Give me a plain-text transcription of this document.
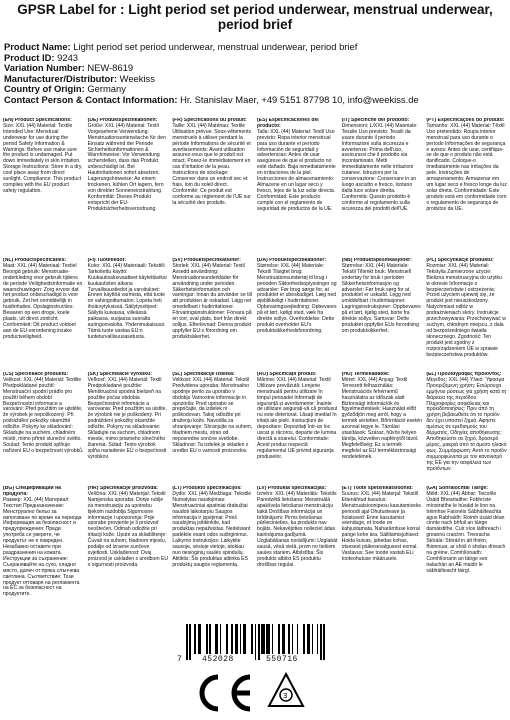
GPSR Label for : Light period set period underwear, menstrual underwear, period brief
Product Name: Light period set period underwear, menstrual underwear, period brief
Product ID: 9243
Variation Number: NEW-8619
Manufacturer/Distributor: Weekiss
Country of Origin: Germany
Contact Person & Contact Information: Hr. Stanislav Maer, +49 5151 87798 10, info@weekiss.de
(EN) Product Specifications:
Size: XXL (44) Material: Textile Intended Use: Menstrual underwear for use during the period Safety Information & Warnings: Before use make sure the product is undamaged. Put down immediately in skin irritation. Storage Instructions: Store in a dry, cool place away from direct sunlight. Compliance: This product complies with the EU product safety regulation.
(DE) Produktspezifikationen:
Größe: XXL (44) Material: Textil Vorgesehene Verwendung: Menstruationsunterwäsche für den Einsatz während der Periode Sicherheitsinformationen & Warnhinweise: Vor Verwendung sicherstellen, dass das Produkt unbeschädigt ist. Bei Hautirritationen sofort absetzen. Lagerungshinweise: An einem trockenen, kühlen Ort lagern, fern von direkter Sonneneinstrahlung. Konformität: Dieses Produkt entspricht der EU-Produktsicherheitsverordnung.
(FR) Spécifications du produit:
Taille: XXL (44) Matériau: Textile Utilisation prévue: Sous-vêtements menstruels à utiliser pendant la période Informations de sécurité et avertissements: Avant utilisation assurez-vous que le produit est intact. Posez-le immédiatement en cas d'irritation de la peau. Instructions de stockage: Conserver dans un endroit sec et frais, loin du soleil direct. Conformité: Ce produit est conforme au règlement de l'UE sur la sécurité des produits.
(ES) Especificaciones del producto:
Talla: XXL (44) Material: Textil Uso previsto: Ropa interior menstrual para uso durante el período Información de seguridad y advertencias: Antes de usar asegúrese de que el producto no esté dañado. Baja inmediatamente en irritaciones de la piel. Instrucciones de almacenamiento: Almacene en un lugar seco y fresco, lejos de la luz solar directa. Conformidad: Este producto cumple con el reglamento de seguridad de productos de la UE.
(IT) Specifiche del prodotto:
Dimensioni: L/XXL (44) Materiale: Tessile Uso previsto: Tessili da usare durante il periodo Informazioni sulla sicurezza e avvertenze: Prima dell'uso, assicurarsi che il prodotto sia incontaminato. Metti immediatamente nelle irritazioni cutanee. Istruzioni per la conservazione: Conservare in un luogo asciutto e fresco, lontano dalla luce solare diretta. Conformità: Questo prodotto è conforme al regolamento sulla sicurezza dei prodotti dell'UE.
(PT) Especificações do produto:
Tamanho: XXL (44) Material: Têxtil Uso pretendido: Roupa interior menstrual para uso durante o período Informações de segurança e avisos: Antes de usar, certifique-se de que o produto não está danificado. Coloque-o imediatamente nas irritações da pele. Instruções de armazenamento: Armazenar em um lugar seco e fresco longe da luz solar direta. Conformidade: Este produto está em conformidade com o regulamento de segurança de produtos da UE.
(NL) Productspecificaties:
Maat: XXL (44) Materiaal: Textiel Beoogd gebruik: Menstruatie-onderkleding voor gebruik tijdens de periode Veiligheidsinformatie en waarschuwingen: Zorg ervoor dat het product onbeschadigd is voor gebruik. Zet het onmiddellijk in huidirritaties. Opslaginstructies: Bewaren op een droge, koele plaats, uit direct zonlicht. Conformiteit: Dit product voldoet aan de EU-verordening inzake productveiligheid.
(FI) Tuotetiedot:
Koko: XXL (44) Materiaali: Tekstiili Tarkoitettu käyttö: Kuukautisalusvaatteet käytettäviksi kuukautisten aikana Turvallisuustiedot ja varoitukset: Ennen käyttöä varmista, että tuote on vahingoittumaton. Lopeta heti ihoärsytyksissä. Säilytysohjeet: Säilytä kuivassa, viileässä paikassa, suojassa suoralta auringonvalolta. Yhdenmukaisuus: Tämä tuote vastaa EU:n tuoteturvallisuusasetusta.
(SV) Produktspecifikationer:
Storlek: XXL (44) Material: Textil Avsedd användning: Menstruationsunderkläder för användning under perioden Säkerhetsinformation och varningar: Innan du använder se till att produkten är oskadad. Lägg ner omedelbart i hudirritationer. Förvaringsinstruktioner: Förvara på en torr, sval plats, bort från direkt solljus. Efterlevnad: Denna produkt uppfyller EU:s förordning om produktsäkerhet.
(DA) Produktspecifikationer:
Størrelse: XXL (44) Materiale: Tekstil Tilsigtet brug: Menstruationsundertøj til brug i perioden Sikkerhedsoplysninger og advarsler: Før brug sørge for, at produktet er ubeskadiget. Læg ned øjeblikkeligt i hudirritationer. Opbevaringsvejledning: Opbevares på et tørt, køligt sted, væk fra direkte sollys. Overholdelse: Dette produkt overholder EU's produktsikkerhedsforordning.
(NB) Produktspesifikasjoner:
Størrelse: XXL (44) Materiale: Tekstil Tiltenkt bruk: Menstruell undertøy for bruk i perioden Sikkerhetsinformasjon og advarsler: Før bruk sørg for at produktet er uskadd. Legg ned umiddelbart i hudirritasjoner. Lagringsinstruksjoner: Oppbevares på et tørt, kjølig sted, borte fra direkte sollys. Samsvar: Dette produktet oppfyller EUs forordning om produktsikkerhet.
(PL) Specyfikacje produktu:
Rozmiar: XXL (44) Materiał: Tekstylia Zamierzone użycie: Bielizna menstruacyjna do użytku w okresie Informacje o bezpieczeństwie i ostrzeżenia: Przed użyciem upewnij się, że produkt jest nieuszkodzony. Natychmiast odłóż w podrażnieniach skóry. Instrukcje przechowywania: Przechowywać w suchym, chłodnym miejscu, z dala od bezpośredniego światła słonecznego. Zgodność: Ten produkt jest zgodny z rozporządzeniem UE w sprawie bezpieczeństwa produktów.
(CS) Specifikace produktu:
Velikost: XXL (44) Materiál: Textilie Předpokládané použití: Menstruační spodní prádlo pro použití během období Bezpečnostní informace a varování: Před použitím se ujistěte, že výrobek je nepoškozený. Při podráždění pokožky okamžitě odložte. Pokyny ke skladování: Skladujte na suchém, chladném místě, mimo přímé sluneční světlo. Soulad: Tento produkt splňuje nařízení EU o bezpečnosti výrobků.
(SK) Špecifikácie výrobku:
Veľkosť: XXL (44) Materiál: Textil Predpokladané použitie: Menštruačná spodná bielizeň na použitie počas obdobia Bezpečnostné informácie a varovania: Pred použitím sa uistite, že výrobok nie je poškodený. Pri podráždení pokožky okamžite odložte. Pokyny na skladovanie: Skladujte na suchom, chladnom mieste, mimo priameho slnečného žiarenia. Súlad: Tento výrobok spĺňa nariadenie EÚ o bezpečnosti výrobkov.
(SL) Specifikacije izdelka:
Velikost: XXL (44) Material: Tekstil Predvidena uporaba: Menstrualno spodnje perilo za uporabo v obdobju Varnostne informacije in opozorila: Pred uporabo se prepričajte, da izdelek ni poškodovan. Takoj odložite pri draženju kože. Navodila za shranjevanje: Shranjujte na suhem, hladnem mestu, stran od neposredne sončne svetlobe. Skladnost: Ta izdelek je skladen z uredbo EU o varnosti proizvodov.
(RO) Specificații produs:
Mărime: XXL (44) Material: Textil Utilizare prevăzută: Lenjerie menstruală pentru utilizare în timpul perioadei Informații de siguranță și avertismente: Înainte de utilizare asigurați-vă că produsul nu este deteriorat. Lăsați imediat în iritații ale pielii. Instrucțiuni de depozitare: Depozitați într-un loc uscat și răcoros, departe de lumina directă a soarelui. Conformitate: Acest produs respectă regulamentul UE privind siguranța produselor.
(HU) Termékadatok:
Méret: XXL (44) Anyag: Textil Tervezett felhasználás: Menstruációs fehérnemű használatra az időszak alatt Biztonsági információk és figyelmeztetések: Használat előtt győződjön meg arról, hogy a termék sértetlen. Bőrirritáció esetén azonnal tegye le. Tárolási utasítások: Száraz, hűvös helyen tárolja, közvetlen napfénytől távol. Megfelelőség: Ez a termék megfelel az EU termékbiztonsági rendeletének.
(EL) Προδιαγραφές προϊόντος:
Μέγεθος: XXL (44) Υλικό: Ύφασμα Προοριζόμενη χρήση: Εσώρουχα εμμήνου ρύσεως για χρήση κατά τη διάρκεια της περιόδου Πληροφορίες ασφάλειας και προειδοποιήσεις: Πριν από τη χρήση βεβαιωθείτε ότι το προϊόν δεν έχει υποστεί ζημιά. Αφήστε αμέσως σε ερεθισμούς του δέρματος. Οδηγίες αποθήκευσης: Αποθηκεύστε σε ξηρό, δροσερό μέρος, μακριά από το άμεσο ηλιακό φως. Συμμόρφωση: Αυτό το προϊόν συμμορφώνεται με τον κανονισμό της ΕΕ για την ασφάλεια των προϊόντων.
(BG) Спецификации на продукта:
Размер: XXL (44) Материал: Текстил Предназначение: Менструално бельо за използване по време на периода Информация за безопасност и предупреждения: Преди употреба се уверете, че продуктът не е повреден. Незабавно оставете при раздразнения на кожата. Инструкции за съхранение: Съхранявайте на сухо, хладно място, далеч от пряка слънчева светлина. Съответствие: Този продукт отговаря на регламента на ЕС за безопасност на продуктите.
(HR) Specifikacije proizvoda:
Veličina: XXL (44) Materijal: Tekstil Namjenska uporaba: Donje rublje za menstruaciju za upotrebu tijekom razdoblja Sigurnosne informacije i upozorenja: Prije uporabe provjerite je li proizvod neoštećen. Odmah odložite pri iritaciji kože. Upute za skladištenje: Čuvati na suhom, hladnom mjestu, podalje od izravne sunčeve svjetlosti. Usklađenost: Ovaj proizvod je usklađen s uredbom EU o sigurnosti proizvoda.
(LT) Produkto specifikacijos:
Dydis: XXL (44) Medžiaga: Tekstilė Numatytas naudojimas: Menstruaciniai apatiniai drabužiai naudoti laikotarpiu Saugos informacija ir įspėjimai: Prieš naudojimą įsitikinkite, kad produktas nepažeistas. Nedelsiant padėkite esant odos sudirginimui. Laikymo instrukcijos: Laikykite sausoje, vėsioje vietoje, atokiau nuo tiesioginių saulės spindulių. Atitiktis: Šis produktas atitinka ES produktų saugos reglamentą.
(LV) Produkta specifikācijas:
Izmērs: XXL (44) Materiāls: Tekstils Paredzētā lietošana: Menstruālā apakšveļa lietošanai menstruāciju laikā Drošības informācija un brīdinājumi: Pirms lietošanas pārliecinieties, ka produkts nav bojāts. Nekavējoties nolieciet ādas kairinājuma gadījumā. Uzglabāšanas norādījumi: Uzglabāt sausā, vēsā vietā, prom no tiešiem saules stariem. Atbilstība: Šis produkts atbilst ES produktu drošības regulai.
(ET) Toote spetsifikatsioonid:
Suurus: XXL (44) Materjal: Tekstiil Ettenähtud kasutus: Menstruatsioonipesu kasutamiseks perioodi ajal Ohutusteave ja hoiatused: Enne kasutamist veenduge, et toode on kahjustamata. Naharärrituse korral pange kohe ära. Säilitamisjuhised: Hoida kuivas, jahedas kohas, otsesest päikesevalgusest eemal. Vastavus: See toode vastab ELi tooteohutuse määrusele.
(GA) Sonraíochtaí Táirge:
Méid: XXL (44) Ábhar: Teicstíle Úsáid Bheartaithe: Fobhríste míostraithe le húsáid le linn na tréimhse Faisnéis Sábháilteachta agus Rabhaidh: Roimh úsáid déan cinnte nach bhfuil an táirge damáistithe. Cuir síos láithreach i greannú craicinn. Treoracha Stórála: Stóráil in áit thirim, fhionnuar, ar shiúl ó sholas díreach na gréine. Comhlíonadh: Comhlíonann an táirge seo rialachán an AE maidir le sábháilteacht táirgí.
7	452028	550716
3
